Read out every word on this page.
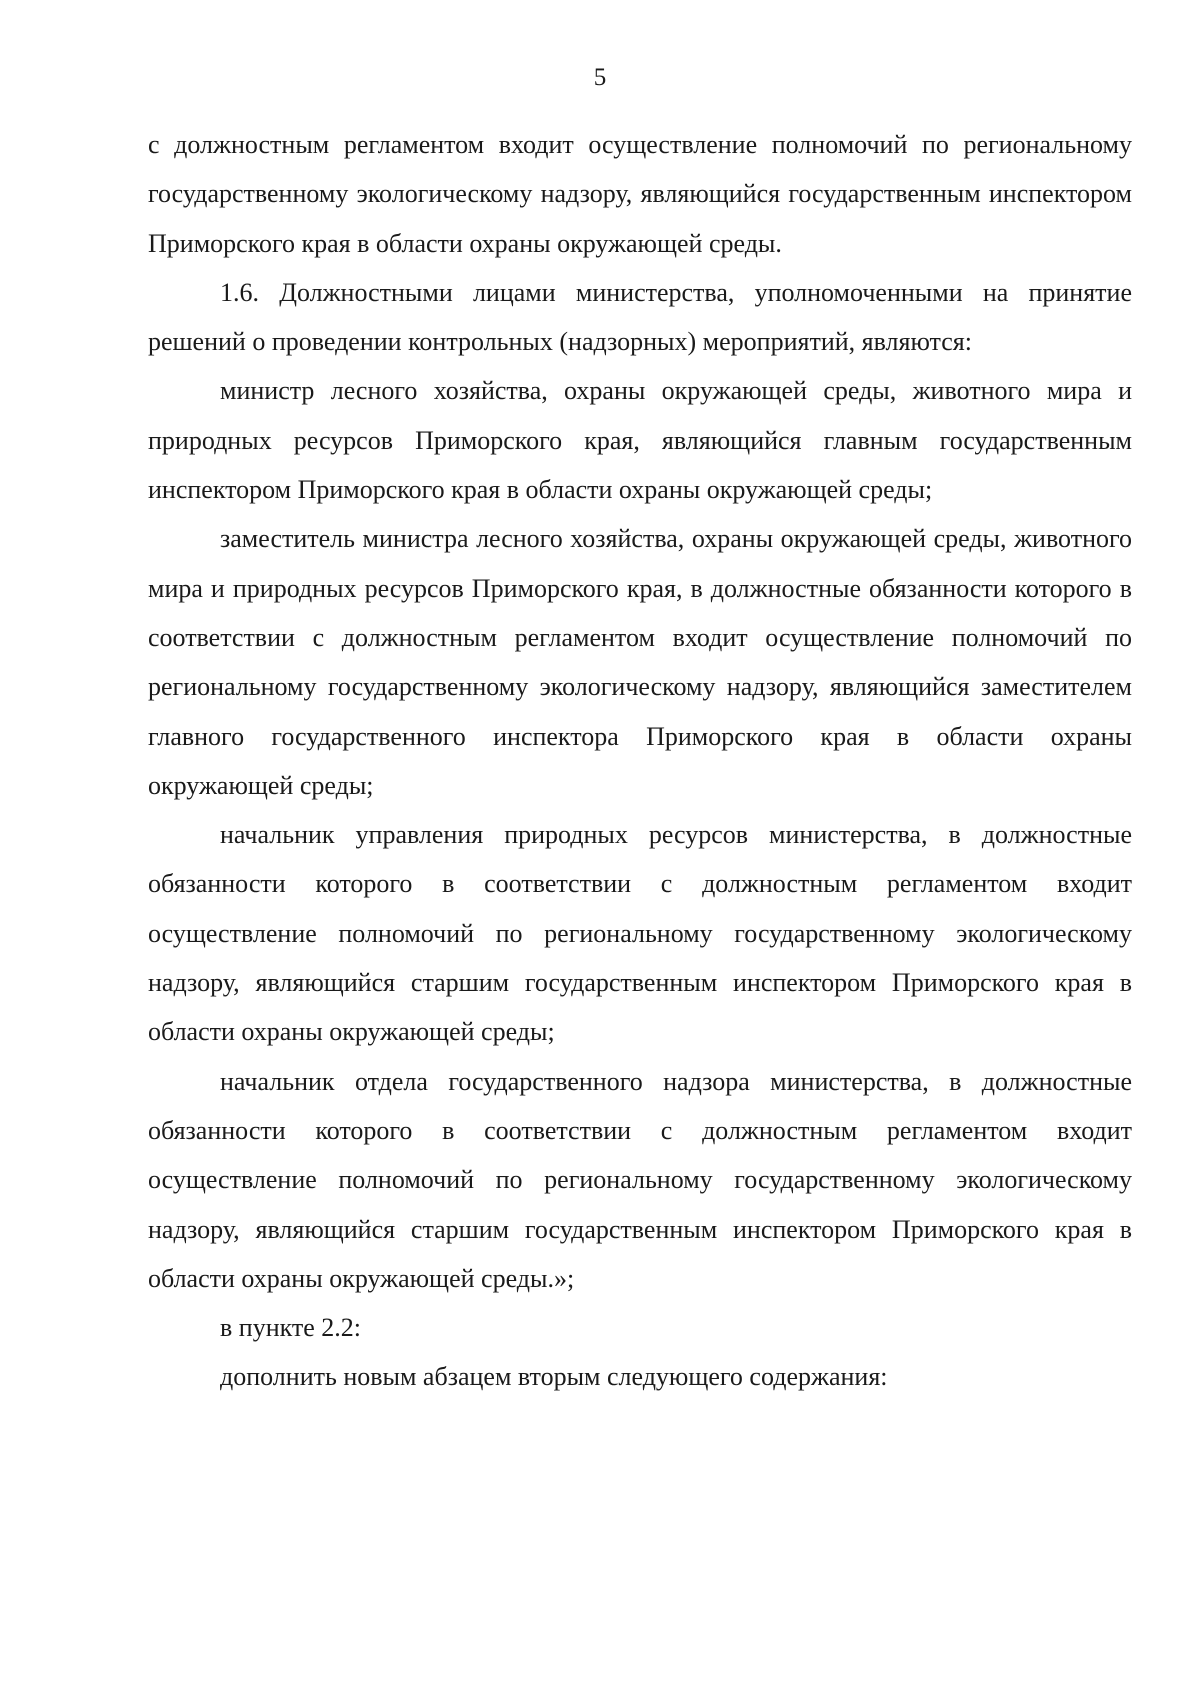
5

с должностным регламентом входит осуществление полномочий по региональному государственному экологическому надзору, являющийся государственным инспектором Приморского края в области охраны окружающей среды.

1.6. Должностными лицами министерства, уполномоченными на принятие решений о проведении контрольных (надзорных) мероприятий, являются:

министр лесного хозяйства, охраны окружающей среды, животного мира и природных ресурсов Приморского края, являющийся главным государственным инспектором Приморского края в области охраны окружающей среды;

заместитель министра лесного хозяйства, охраны окружающей среды, животного мира и природных ресурсов Приморского края, в должностные обязанности которого в соответствии с должностным регламентом входит осуществление полномочий по региональному государственному экологическому надзору, являющийся заместителем главного государственного инспектора Приморского края в области охраны окружающей среды;

начальник управления природных ресурсов министерства, в должностные обязанности которого в соответствии с должностным регламентом входит осуществление полномочий по региональному государственному экологическому надзору, являющийся старшим государственным инспектором Приморского края в области охраны окружающей среды;

начальник отдела государственного надзора министерства, в должностные обязанности которого в соответствии с должностным регламентом входит осуществление полномочий по региональному государственному экологическому надзору, являющийся старшим государственным инспектором Приморского края в области охраны окружающей среды.»;

в пункте 2.2:

дополнить новым абзацем вторым следующего содержания:
